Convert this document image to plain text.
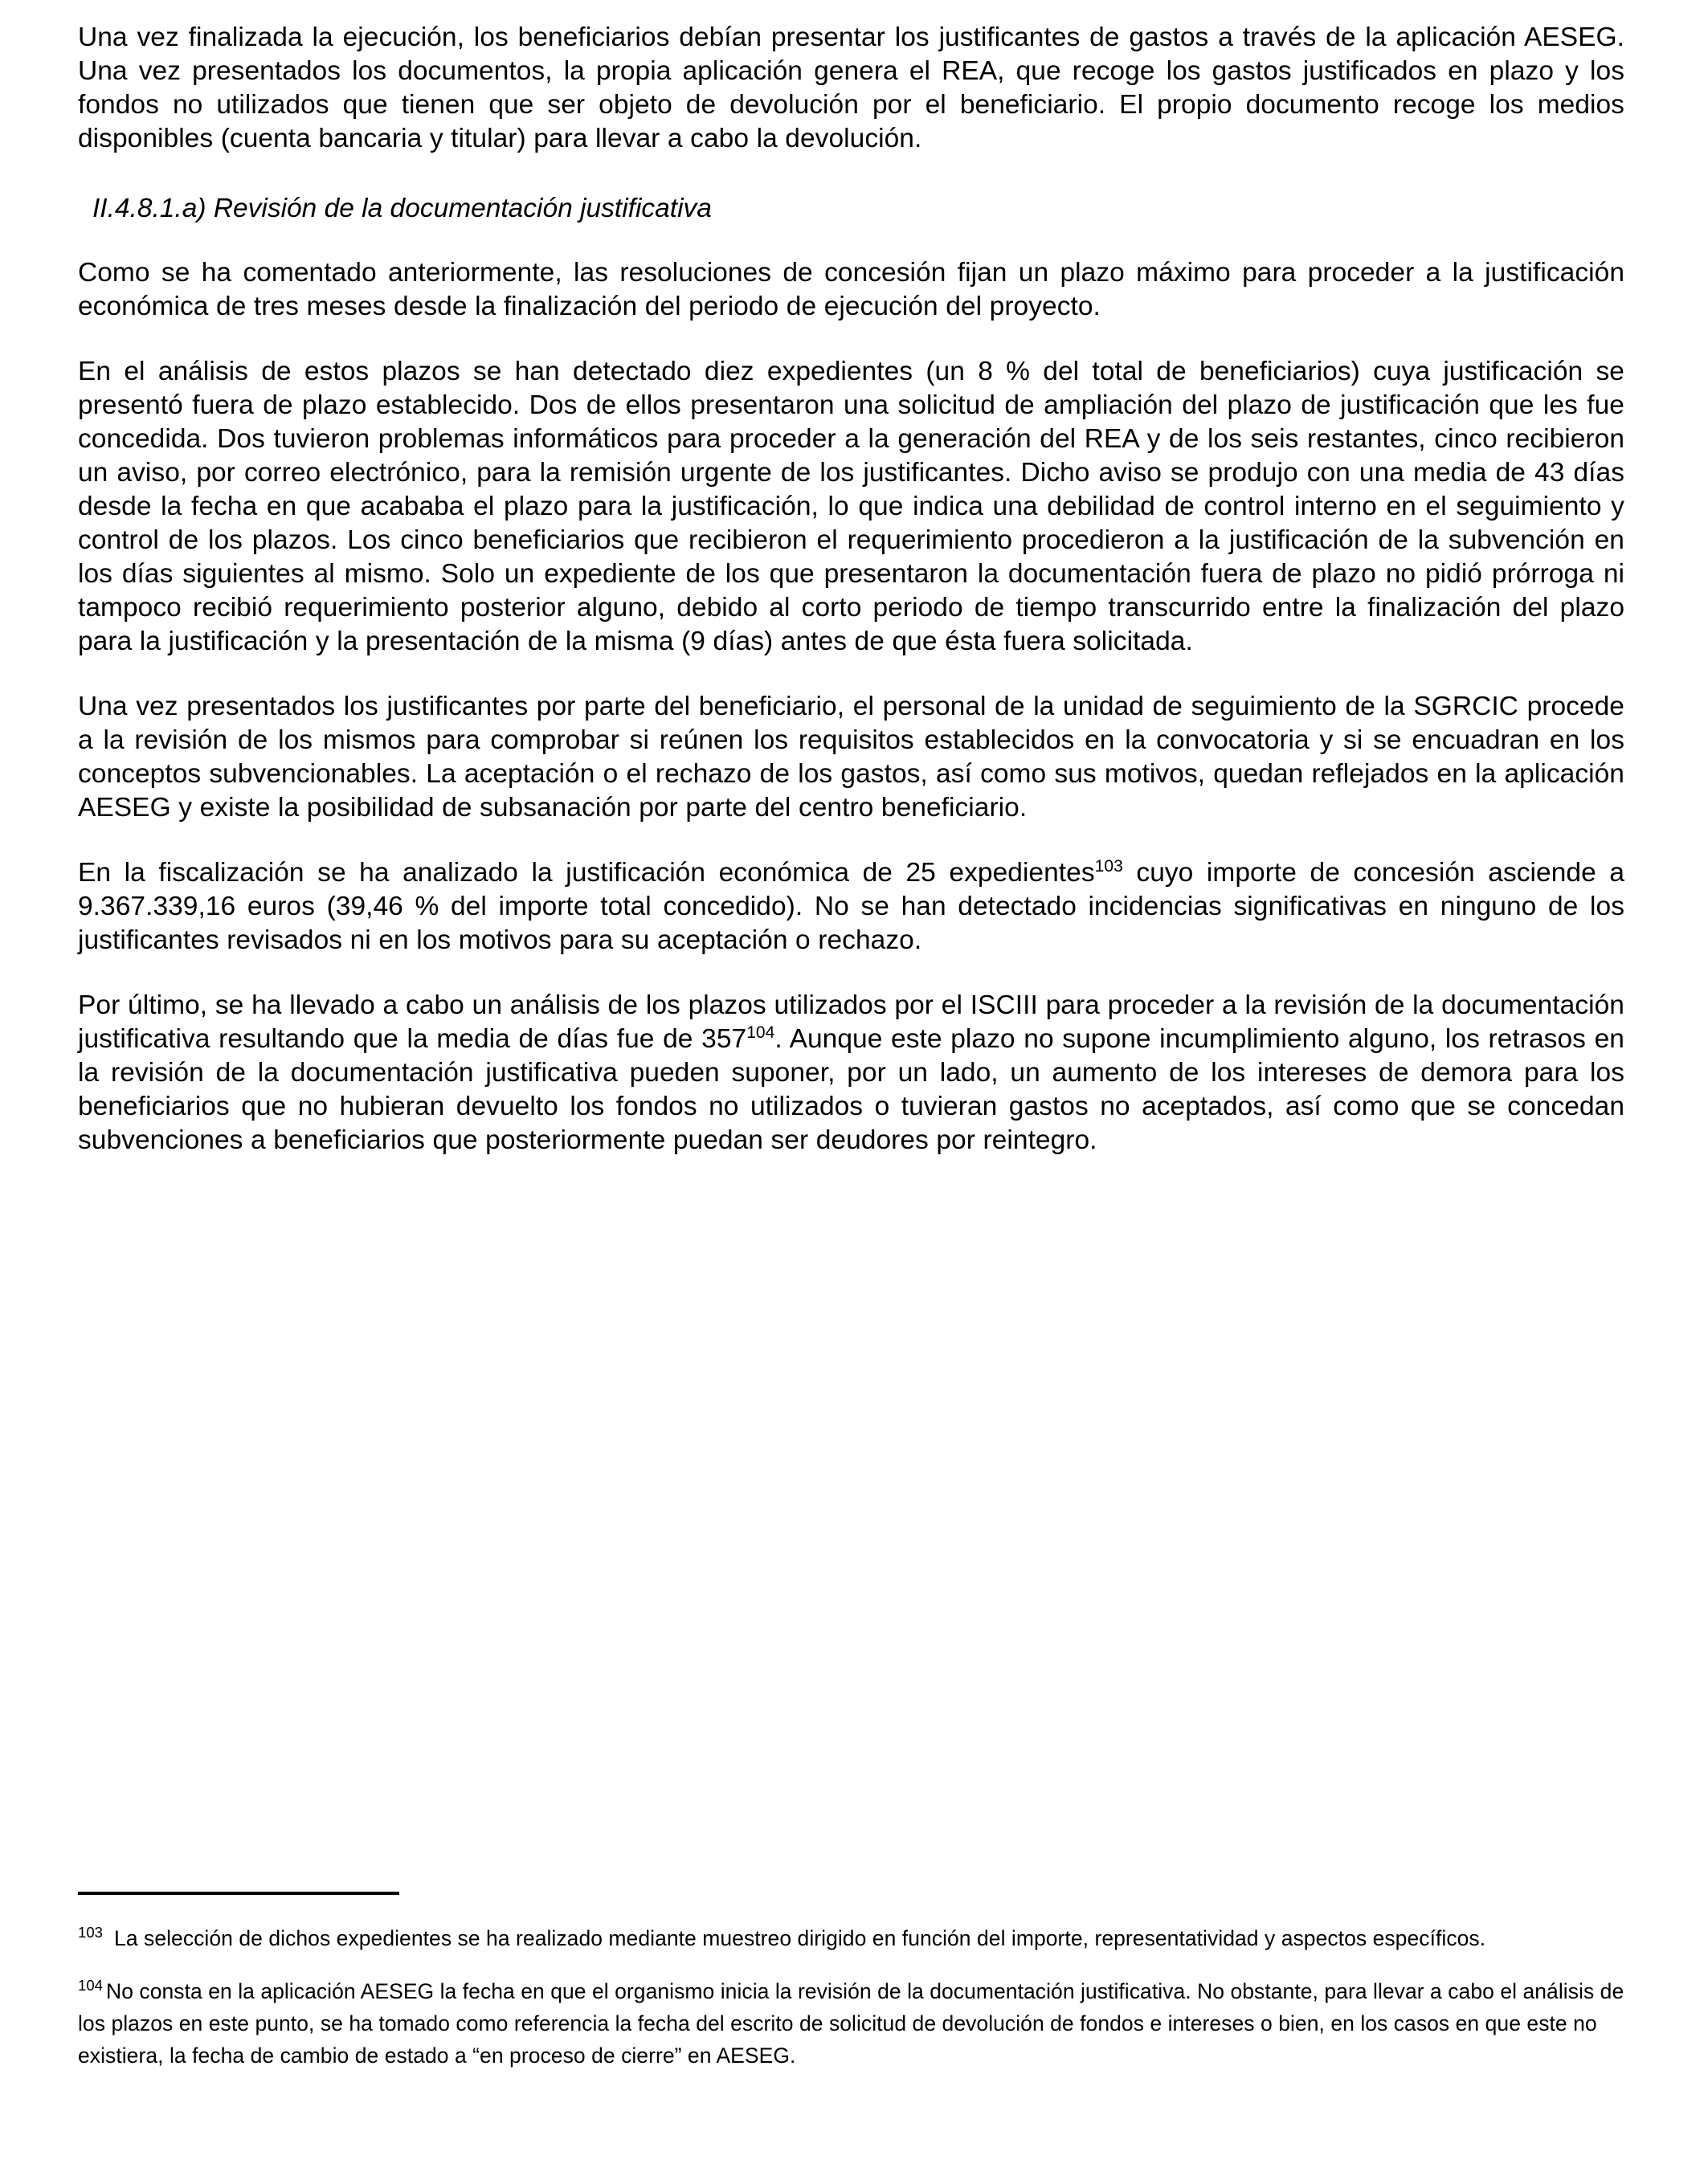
Una vez finalizada la ejecución, los beneficiarios debían presentar los justificantes de gastos a través de la aplicación AESEG. Una vez presentados los documentos, la propia aplicación genera el REA, que recoge los gastos justificados en plazo y los fondos no utilizados que tienen que ser objeto de devolución por el beneficiario. El propio documento recoge los medios disponibles (cuenta bancaria y titular) para llevar a cabo la devolución.

II.4.8.1.a) Revisión de la documentación justificativa

Como se ha comentado anteriormente, las resoluciones de concesión fijan un plazo máximo para proceder a la justificación económica de tres meses desde la finalización del periodo de ejecución del proyecto.

En el análisis de estos plazos se han detectado diez expedientes (un 8 % del total de beneficiarios) cuya justificación se presentó fuera de plazo establecido. Dos de ellos presentaron una solicitud de ampliación del plazo de justificación que les fue concedida. Dos tuvieron problemas informáticos para proceder a la generación del REA y de los seis restantes, cinco recibieron un aviso, por correo electrónico, para la remisión urgente de los justificantes. Dicho aviso se produjo con una media de 43 días desde la fecha en que acababa el plazo para la justificación, lo que indica una debilidad de control interno en el seguimiento y control de los plazos. Los cinco beneficiarios que recibieron el requerimiento procedieron a la justificación de la subvención en los días siguientes al mismo. Solo un expediente de los que presentaron la documentación fuera de plazo no pidió prórroga ni tampoco recibió requerimiento posterior alguno, debido al corto periodo de tiempo transcurrido entre la finalización del plazo para la justificación y la presentación de la misma (9 días) antes de que ésta fuera solicitada.

Una vez presentados los justificantes por parte del beneficiario, el personal de la unidad de seguimiento de la SGRCIC procede a la revisión de los mismos para comprobar si reúnen los requisitos establecidos en la convocatoria y si se encuadran en los conceptos subvencionables. La aceptación o el rechazo de los gastos, así como sus motivos, quedan reflejados en la aplicación AESEG y existe la posibilidad de subsanación por parte del centro beneficiario.

En la fiscalización se ha analizado la justificación económica de 25 expedientes$^{103}$ cuyo importe de concesión asciende a 9.367.339,16 euros (39,46 % del importe total concedido). No se han detectado incidencias significativas en ninguno de los justificantes revisados ni en los motivos para su aceptación o rechazo.

Por último, se ha llevado a cabo un análisis de los plazos utilizados por el ISCIII para proceder a la revisión de la documentación justificativa resultando que la media de días fue de 357$^{104}$. Aunque este plazo no supone incumplimiento alguno, los retrasos en la revisión de la documentación justificativa pueden suponer, por un lado, un aumento de los intereses de demora para los beneficiarios que no hubieran devuelto los fondos no utilizados o tuvieran gastos no aceptados, así como que se concedan subvenciones a beneficiarios que posteriormente puedan ser deudores por reintegro.

$^{103}$ La selección de dichos expedientes se ha realizado mediante muestreo dirigido en función del importe, representatividad y aspectos específicos.

$^{104}$ No consta en la aplicación AESEG la fecha en que el organismo inicia la revisión de la documentación justificativa. No obstante, para llevar a cabo el análisis de los plazos en este punto, se ha tomado como referencia la fecha del escrito de solicitud de devolución de fondos e intereses o bien, en los casos en que este no existiera, la fecha de cambio de estado a “en proceso de cierre” en AESEG.
